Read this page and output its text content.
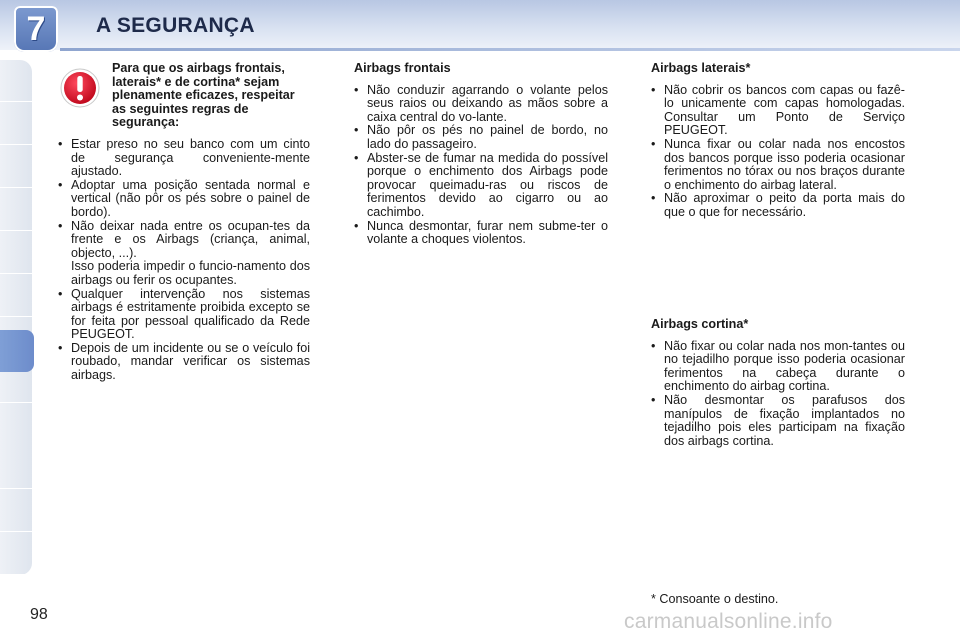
7	A SEGURANÇA
Para que os airbags frontais, laterais* e de cortina* sejam plenamente eficazes, respeitar as seguintes regras de segurança:
• Estar preso no seu banco com um cinto de segurança conveniente-mente ajustado.
• Adoptar uma posição sentada normal e vertical (não pôr os pés sobre o painel de bordo).
• Não deixar nada entre os ocupan-tes da frente e os Airbags (criança, animal, objecto, ...).
Isso poderia impedir o funcio-namento dos airbags ou ferir os ocupantes.
• Qualquer intervenção nos sistemas airbags é estritamente proibida excepto se for feita por pessoal qualificado da Rede PEUGEOT.
• Depois de um incidente ou se o veículo foi roubado, mandar verificar os sistemas airbags.
Airbags frontais
• Não conduzir agarrando o volante pelos seus raios ou deixando as mãos sobre a caixa central do vo-lante.
• Não pôr os pés no painel de bordo, no lado do passageiro.
• Abster-se de fumar na medida do possível porque o enchimento dos Airbags pode provocar queimadu-ras ou riscos de ferimentos devido ao cigarro ou ao cachimbo.
• Nunca desmontar, furar nem subme-ter o volante a choques violentos.
Airbags laterais*
• Não cobrir os bancos com capas ou fazê-lo unicamente com capas homologadas. Consultar um Ponto de Serviço PEUGEOT.
• Nunca fixar ou colar nada nos encostos dos bancos porque isso poderia ocasionar ferimentos no tórax ou nos braços durante o enchimento do airbag lateral.
• Não aproximar o peito da porta mais do que o que for necessário.
Airbags cortina*
• Não fixar ou colar nada nos mon-tantes ou no tejadilho porque isso poderia ocasionar ferimentos na cabeça durante o enchimento do airbag cortina.
• Não desmontar os parafusos dos manípulos de fixação implantados no tejadilho pois eles participam na fixação dos airbags cortina.
* Consoante o destino.
98	carmanualsonline.info
